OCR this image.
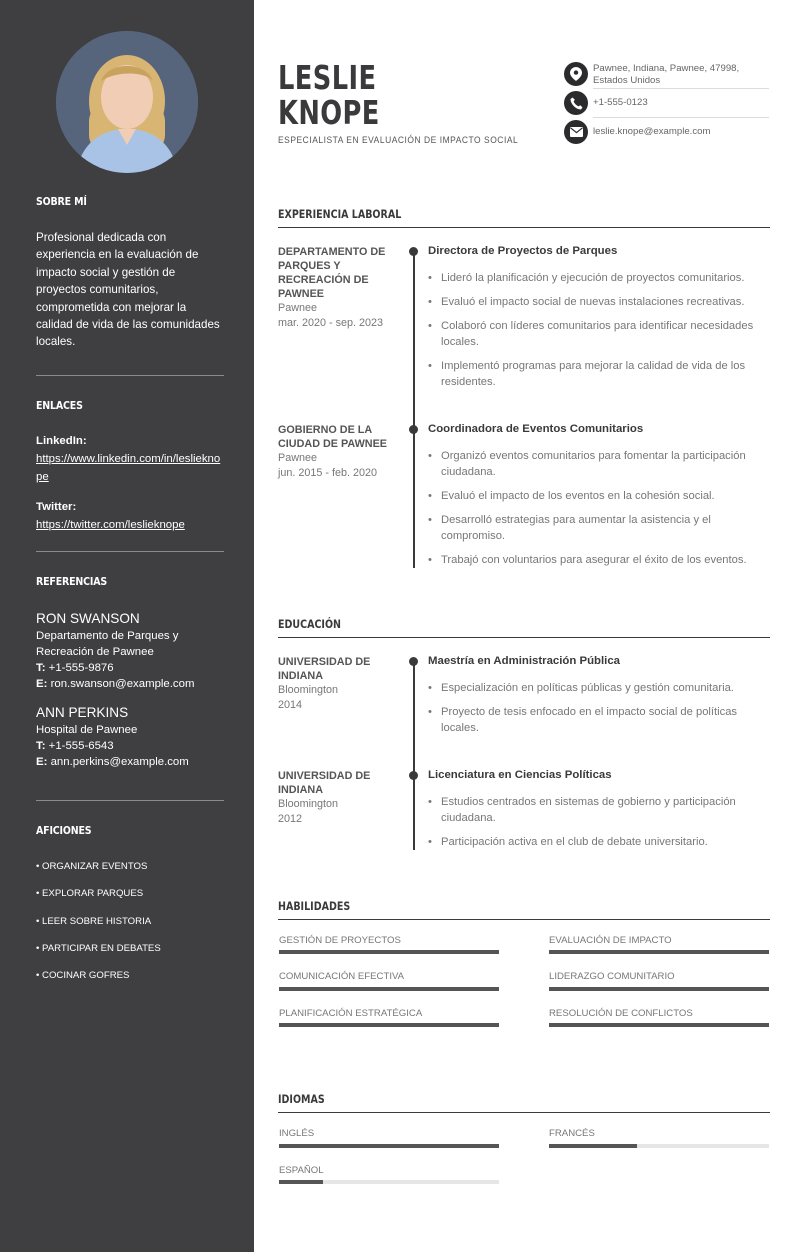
SOBRE MÍ
Profesional dedicada con experiencia en la evaluación de impacto social y gestión de proyectos comunitarios, comprometida con mejorar la calidad de vida de las comunidades locales.
ENLACES
LinkedIn:
https://www.linkedin.com/in/leslieknope
Twitter:
https://twitter.com/leslieknope
REFERENCIAS
RON SWANSON
Departamento de Parques y Recreación de Pawnee
T: +1-555-9876
E: ron.swanson@example.com
ANN PERKINS
Hospital de Pawnee
T: +1-555-6543
E: ann.perkins@example.com
AFICIONES
• ORGANIZAR EVENTOS
• EXPLORAR PARQUES
• LEER SOBRE HISTORIA
• PARTICIPAR EN DEBATES
• COCINAR GOFRES
LESLIE
KNOPE
ESPECIALISTA EN EVALUACIÓN DE IMPACTO SOCIAL
Pawnee, Indiana, Pawnee, 47998, Estados Unidos
+1-555-0123
leslie.knope@example.com
EXPERIENCIA LABORAL
DEPARTAMENTO DE PARQUES Y RECREACIÓN DE PAWNEE
Pawnee
mar. 2020 - sep. 2023
Directora de Proyectos de Parques
• Lideró la planificación y ejecución de proyectos comunitarios.
• Evaluó el impacto social de nuevas instalaciones recreativas.
• Colaboró con líderes comunitarios para identificar necesidades locales.
• Implementó programas para mejorar la calidad de vida de los residentes.
GOBIERNO DE LA CIUDAD DE PAWNEE
Pawnee
jun. 2015 - feb. 2020
Coordinadora de Eventos Comunitarios
• Organizó eventos comunitarios para fomentar la participación ciudadana.
• Evaluó el impacto de los eventos en la cohesión social.
• Desarrolló estrategias para aumentar la asistencia y el compromiso.
• Trabajó con voluntarios para asegurar el éxito de los eventos.
EDUCACIÓN
UNIVERSIDAD DE INDIANA
Bloomington
2014
Maestría en Administración Pública
• Especialización en políticas públicas y gestión comunitaria.
• Proyecto de tesis enfocado en el impacto social de políticas locales.
UNIVERSIDAD DE INDIANA
Bloomington
2012
Licenciatura en Ciencias Políticas
• Estudios centrados en sistemas de gobierno y participación ciudadana.
• Participación activa en el club de debate universitario.
HABILIDADES
GESTIÓN DE PROYECTOS	EVALUACIÓN DE IMPACTO
COMUNICACIÓN EFECTIVA	LIDERAZGO COMUNITARIO
PLANIFICACIÓN ESTRATÉGICA	RESOLUCIÓN DE CONFLICTOS
IDIOMAS
INGLÉS	FRANCÉS
ESPAÑOL
